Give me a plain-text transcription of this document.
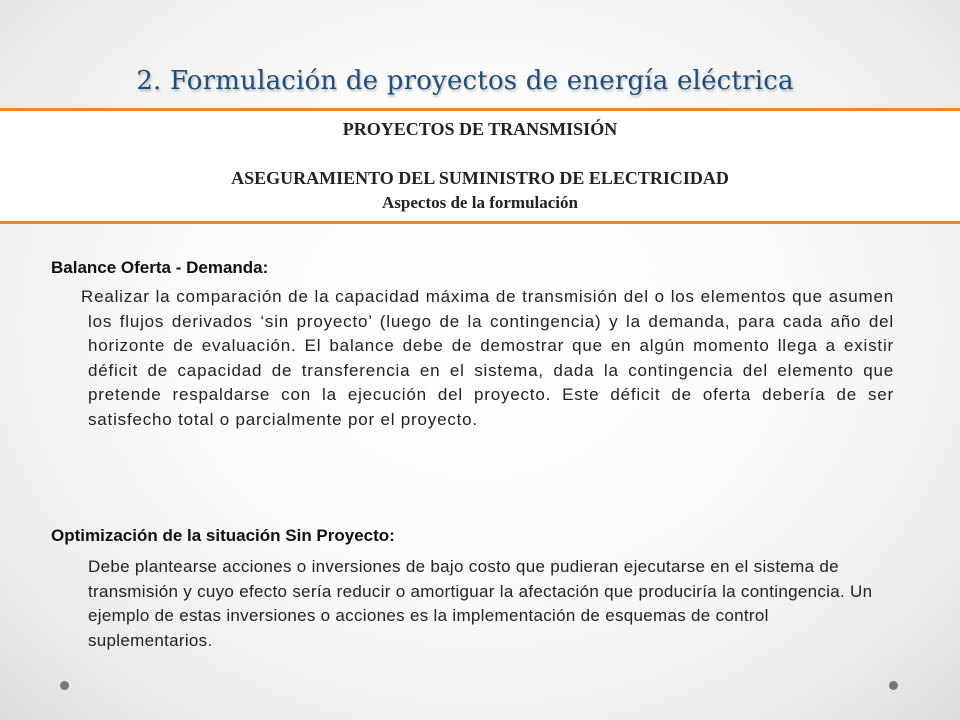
2. Formulación de proyectos de energía eléctrica
PROYECTOS DE TRANSMISIÓN
ASEGURAMIENTO DEL SUMINISTRO DE ELECTRICIDAD
Aspectos de la formulación
Balance Oferta - Demanda:

Realizar la comparación de la capacidad máxima de transmisión del o los elementos que asumen los flujos derivados ‘sin proyecto’ (luego de la contingencia) y la demanda, para cada año del horizonte de evaluación. El balance debe de demostrar que en algún momento llega a existir déficit de capacidad de transferencia en el sistema, dada la contingencia del elemento que pretende respaldarse con la ejecución del proyecto. Este déficit de oferta debería de ser satisfecho total o parcialmente por el proyecto.

Optimización de la situación Sin Proyecto:

Debe plantearse acciones o inversiones de bajo costo que pudieran ejecutarse en el sistema de transmisión y cuyo efecto sería reducir o amortiguar la afectación que produciría la contingencia. Un ejemplo de estas inversiones o acciones es la implementación de esquemas de control suplementarios.
